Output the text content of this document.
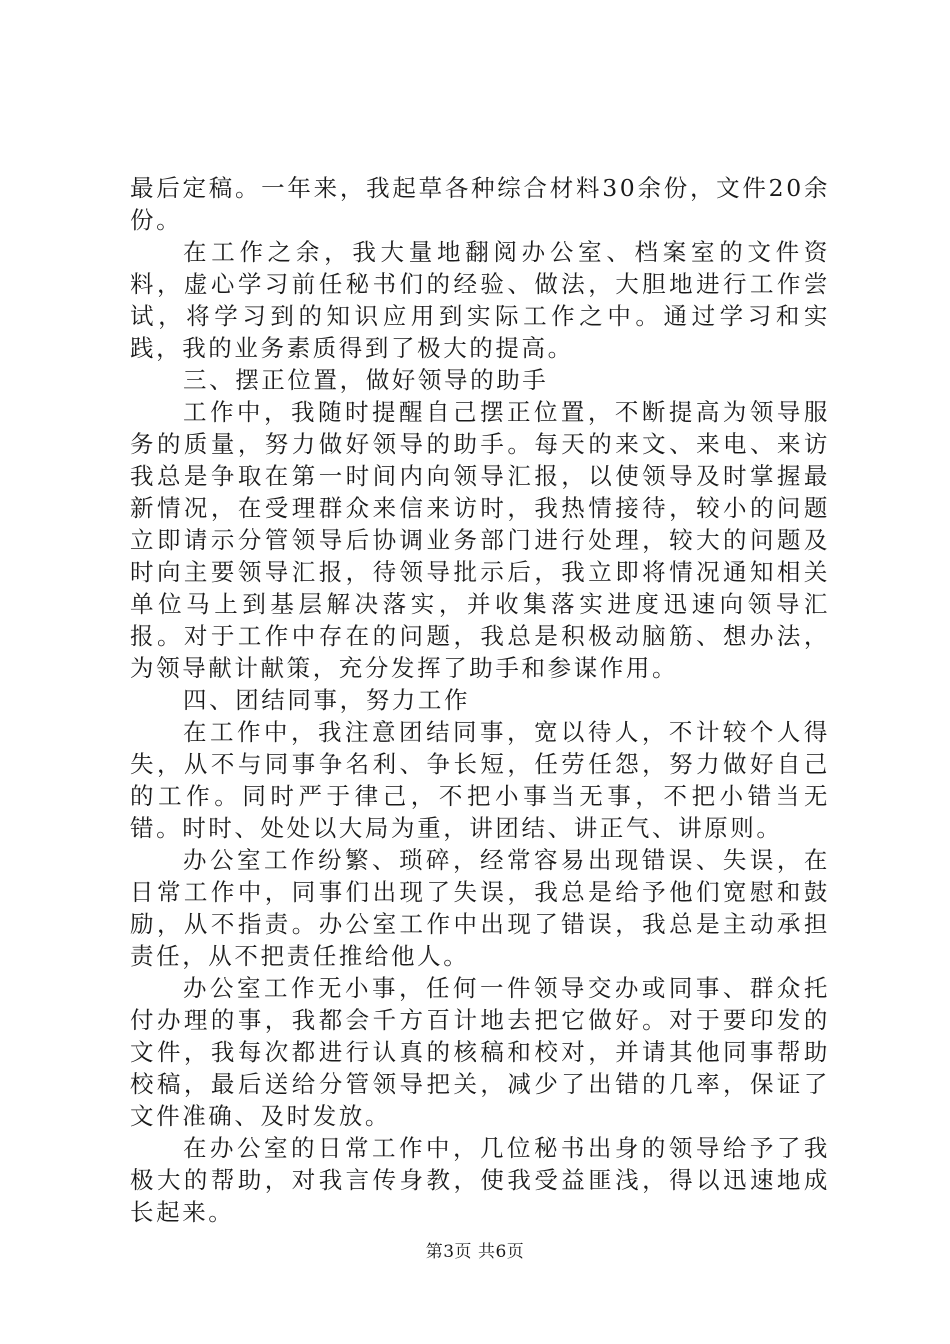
最后定稿。一年来，我起草各种综合材料30余份，文件20余份。

在工作之余，我大量地翻阅办公室、档案室的文件资料，虚心学习前任秘书们的经验、做法，大胆地进行工作尝试，将学习到的知识应用到实际工作之中。通过学习和实践，我的业务素质得到了极大的提高。

三、摆正位置，做好领导的助手

工作中，我随时提醒自己摆正位置，不断提高为领导服务的质量，努力做好领导的助手。每天的来文、来电、来访我总是争取在第一时间内向领导汇报，以使领导及时掌握最新情况，在受理群众来信来访时，我热情接待，较小的问题立即请示分管领导后协调业务部门进行处理，较大的问题及时向主要领导汇报，待领导批示后，我立即将情况通知相关单位马上到基层解决落实，并收集落实进度迅速向领导汇报。对于工作中存在的问题，我总是积极动脑筋、想办法，为领导献计献策，充分发挥了助手和参谋作用。

四、团结同事，努力工作

在工作中，我注意团结同事，宽以待人，不计较个人得失，从不与同事争名利、争长短，任劳任怨，努力做好自己的工作。同时严于律己，不把小事当无事，不把小错当无错。时时、处处以大局为重，讲团结、讲正气、讲原则。

办公室工作纷繁、琐碎，经常容易出现错误、失误，在日常工作中，同事们出现了失误，我总是给予他们宽慰和鼓励，从不指责。办公室工作中出现了错误，我总是主动承担责任，从不把责任推给他人。

办公室工作无小事，任何一件领导交办或同事、群众托付办理的事，我都会千方百计地去把它做好。对于要印发的文件，我每次都进行认真的核稿和校对，并请其他同事帮助校稿，最后送给分管领导把关，减少了出错的几率，保证了文件准确、及时发放。

在办公室的日常工作中，几位秘书出身的领导给予了我极大的帮助，对我言传身教，使我受益匪浅，得以迅速地成长起来。

第3页 共6页
